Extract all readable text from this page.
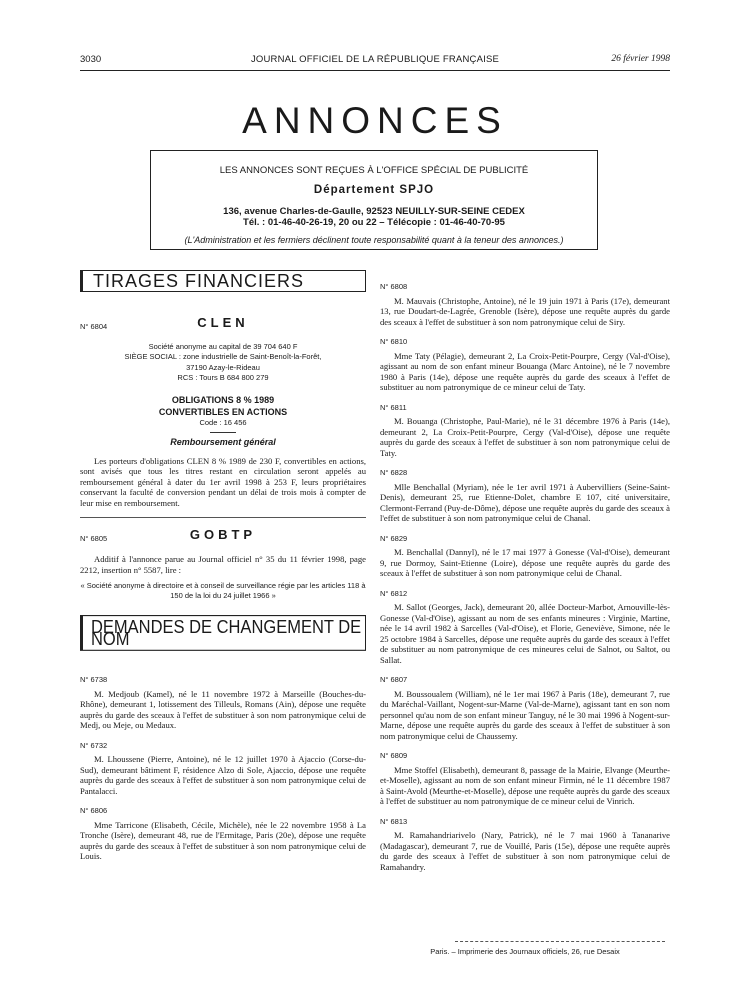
3030	JOURNAL OFFICIEL DE LA RÉPUBLIQUE FRANÇAISE	26 février 1998
ANNONCES
LES ANNONCES SONT REÇUES À L'OFFICE SPÉCIAL DE PUBLICITÉ
Département SPJO
136, avenue Charles-de-Gaulle, 92523 NEUILLY-SUR-SEINE CEDEX
Tél. : 01-46-40-26-19, 20 ou 22 – Télécopie : 01-46-40-70-95
(L'Administration et les fermiers déclinent toute responsabilité quant à la teneur des annonces.)
TIRAGES FINANCIERS
N° 6804	CLEN
Société anonyme au capital de 39 704 640 F
SIÈGE SOCIAL : zone industrielle de Saint-Benoît-la-Forêt,
37190 Azay-le-Rideau
RCS : Tours B 684 800 279
OBLIGATIONS 8 % 1989
CONVERTIBLES EN ACTIONS
Code : 16 456
Remboursement général
Les porteurs d'obligations CLEN 8 % 1989 de 230 F, convertibles en actions, sont avisés que tous les titres restant en circulation seront appelés au remboursement général à dater du 1er avril 1998 à 253 F, leurs propriétaires conservant la faculté de conversion pendant un délai de trois mois à compter de leur mise en remboursement.
N° 6805	GOBTP
Additif à l'annonce parue au Journal officiel n° 35 du 11 février 1998, page 2212, insertion n° 5587, lire :
« Société anonyme à directoire et à conseil de surveillance régie par les articles 118 à 150 de la loi du 24 juillet 1966 »
DEMANDES DE CHANGEMENT DE NOM
N° 6738
M. Medjoub (Kamel), né le 11 novembre 1972 à Marseille (Bouches-du-Rhône), demeurant 1, lotissement des Tilleuls, Romans (Ain), dépose une requête auprès du garde des sceaux à l'effet de substituer à son nom patronymique celui de Medj, ou Meje, ou Medaux.
N° 6732
M. Lhoussene (Pierre, Antoine), né le 12 juillet 1970 à Ajaccio (Corse-du-Sud), demeurant bâtiment F, résidence Alzo di Sole, Ajaccio, dépose une requête auprès du garde des sceaux à l'effet de substituer à son nom patronymique celui de Pantalacci.
N° 6806
Mme Tarricone (Elisabeth, Cécile, Michèle), née le 22 novembre 1958 à La Tronche (Isère), demeurant 48, rue de l'Ermitage, Paris (20e), dépose une requête auprès du garde des sceaux à l'effet de substituer à son nom patronymique celui de Louis.
N° 6808
M. Mauvais (Christophe, Antoine), né le 19 juin 1971 à Paris (17e), demeurant 13, rue Doudart-de-Lagrée, Grenoble (Isère), dépose une requête auprès du garde des sceaux à l'effet de substituer à son nom patronymique celui de Siry.
N° 6810
Mme Taty (Pélagie), demeurant 2, La Croix-Petit-Pourpre, Cergy (Val-d'Oise), agissant au nom de son enfant mineur Bouanga (Marc Antoine), né le 7 novembre 1980 à Paris (14e), dépose une requête auprès du garde des sceaux à l'effet de substituer au nom patronymique de ce mineur celui de Taty.
N° 6811
M. Bouanga (Christophe, Paul-Marie), né le 31 décembre 1976 à Paris (14e), demeurant 2, La Croix-Petit-Pourpre, Cergy (Val-d'Oise), dépose une requête auprès du garde des sceaux à l'effet de substituer à son nom patronymique celui de Taty.
N° 6828
Mlle Benchallal (Myriam), née le 1er avril 1971 à Aubervilliers (Seine-Saint-Denis), demeurant 25, rue Etienne-Dolet, chambre E 107, cité universitaire, Clermont-Ferrand (Puy-de-Dôme), dépose une requête auprès du garde des sceaux à l'effet de substituer à son nom patronymique celui de Chanal.
N° 6829
M. Benchallal (Dannyl), né le 17 mai 1977 à Gonesse (Val-d'Oise), demeurant 9, rue Dormoy, Saint-Etienne (Loire), dépose une requête auprès du garde des sceaux à l'effet de substituer à son nom patronymique celui de Chanal.
N° 6812
M. Sallot (Georges, Jack), demeurant 20, allée Docteur-Marbot, Arnouville-lès-Gonesse (Val-d'Oise), agissant au nom de ses enfants mineures : Virginie, Martine, née le 14 avril 1982 à Sarcelles (Val-d'Oise), et Florie, Geneviève, Simone, née le 25 octobre 1984 à Sarcelles, dépose une requête auprès du garde des sceaux à l'effet de substituer au nom patronymique de ces mineures celui de Salnot, ou Saltot, ou Sallat.
N° 6807
M. Boussoualem (William), né le 1er mai 1967 à Paris (18e), demeurant 7, rue du Maréchal-Vaillant, Nogent-sur-Marne (Val-de-Marne), agissant tant en son nom personnel qu'au nom de son enfant mineur Tanguy, né le 30 mai 1996 à Nogent-sur-Marne, dépose une requête auprès du garde des sceaux à l'effet de substituer à son nom patronymique celui de Chaussemy.
N° 6809
Mme Stoffel (Elisabeth), demeurant 8, passage de la Mairie, Elvange (Meurthe-et-Moselle), agissant au nom de son enfant mineur Firmin, né le 11 décembre 1987 à Saint-Avold (Meurthe-et-Moselle), dépose une requête auprès du garde des sceaux à l'effet de substituer au nom patronymique de ce mineur celui de Vinrich.
N° 6813
M. Ramahandriarivelo (Nary, Patrick), né le 7 mai 1960 à Tananarive (Madagascar), demeurant 7, rue de Vouillé, Paris (15e), dépose une requête auprès du garde des sceaux à l'effet de substituer à son nom patronymique celui de Ramahandry.
Paris. – Imprimerie des Journaux officiels, 26, rue Desaix
